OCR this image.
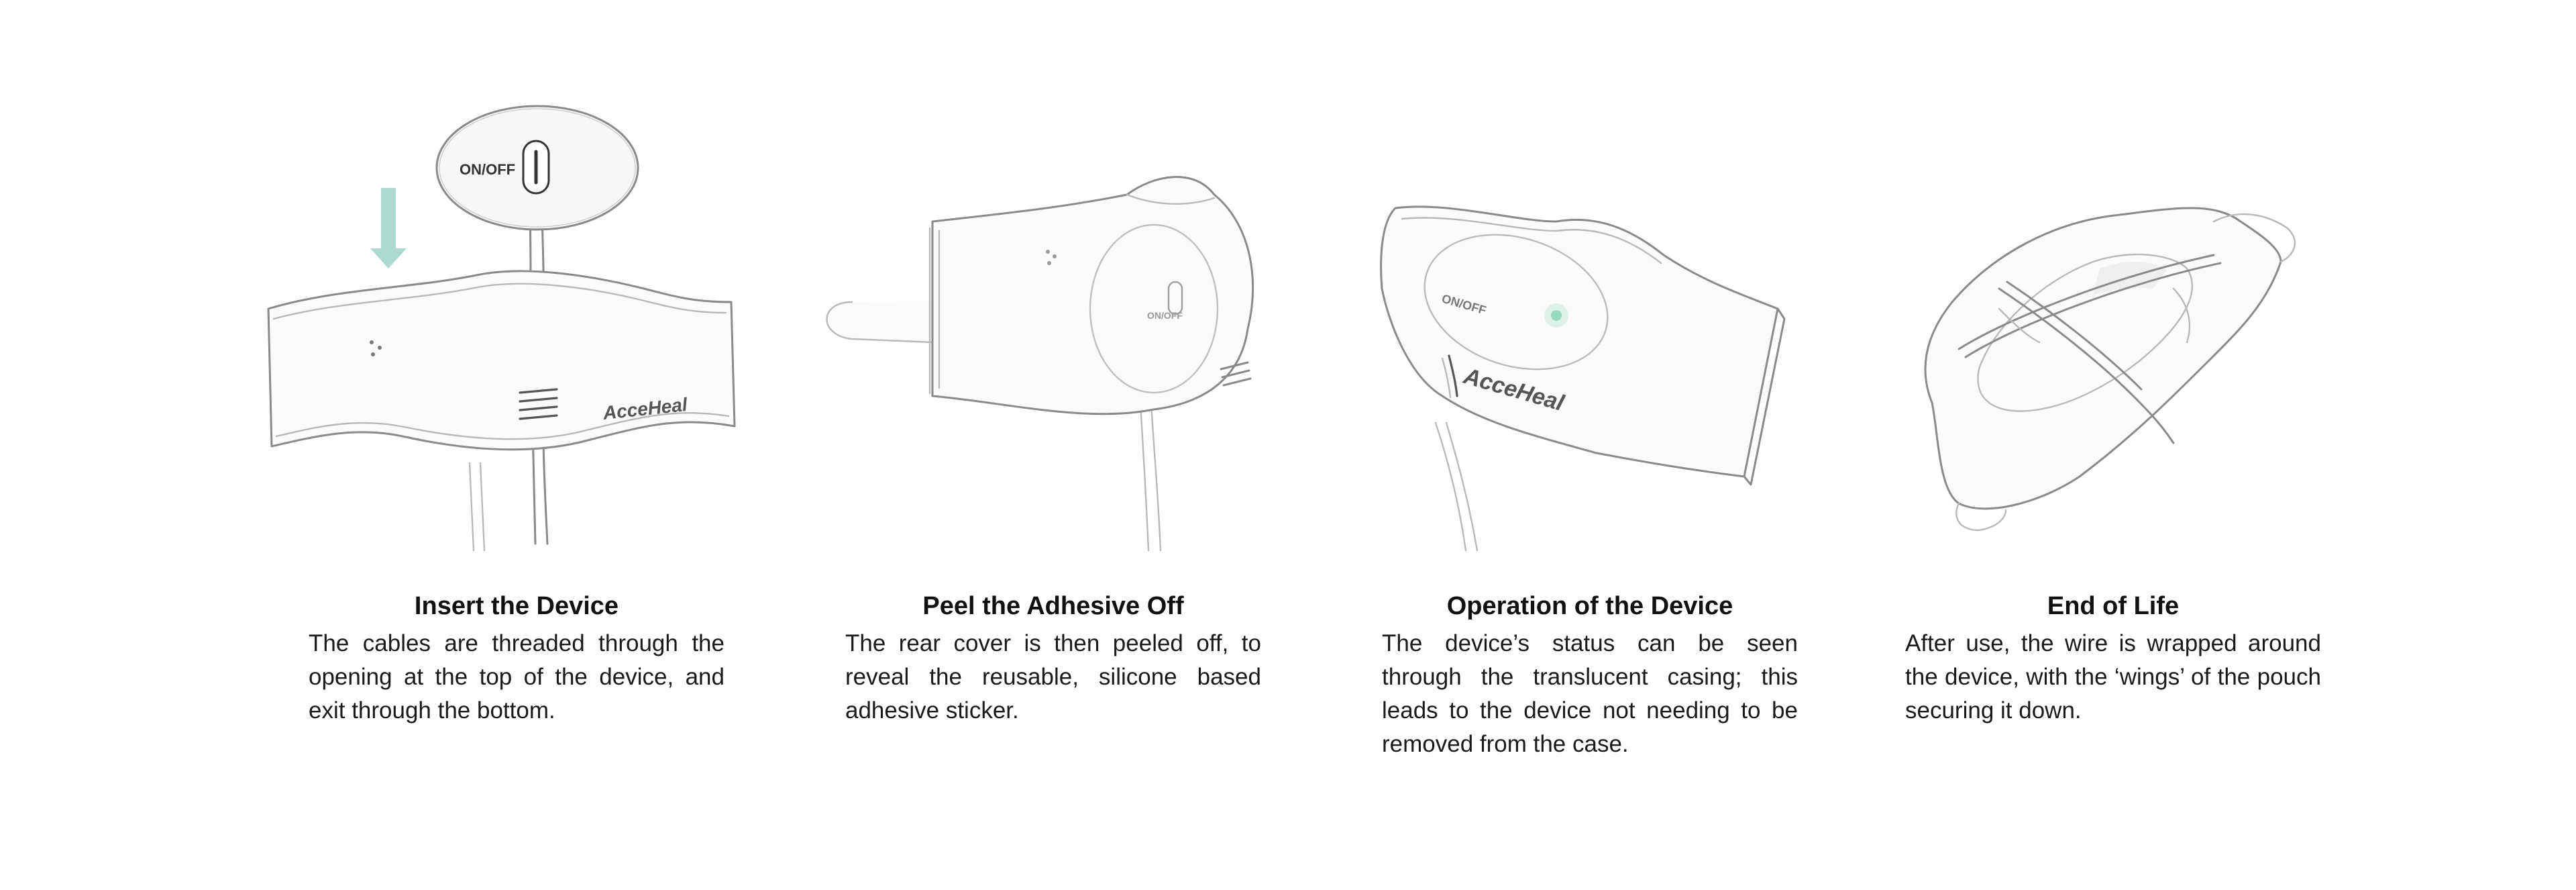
ON/OFF
AcceHeal
Insert the Device

The cables are threaded through the opening at the top of the device, and exit through the bottom.

ON/OFF
Peel the Adhesive Off

The rear cover is then peeled off, to reveal the reusable, silicone based adhesive sticker.

ON/OFF
AcceHeal
Operation of the Device

The device’s status can be seen through the translucent casing; this leads to the device not needing to be removed from the case.

End of Life

After use, the wire is wrapped around the device, with the ‘wings’ of the pouch securing it down.
